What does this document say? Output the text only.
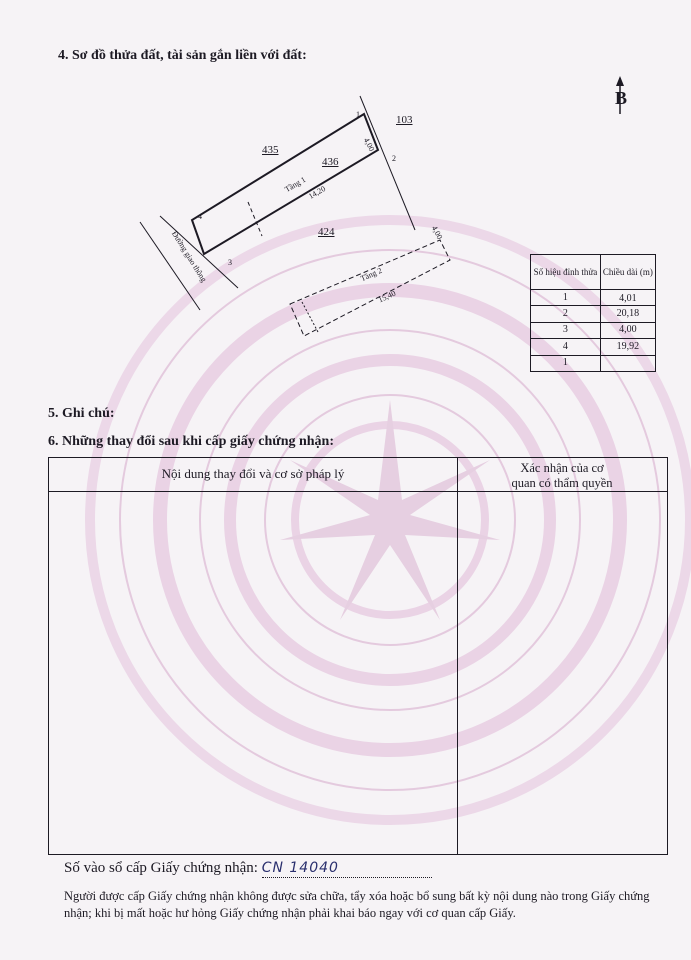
4. Sơ đồ thửa đất, tài sản gắn liền với đất:
B
103
435
436
424
1
2
3
4
Tầng 1
Tầng 2
4,00
14,20
4,00
15,40
Đường giao thông	Số hiệu đỉnh thửa	Chiều dài (m)
1	4,01
2	20,18
3	4,00
4	19,92
1	
5. Ghi chú:
6. Những thay đổi sau khi cấp giấy chứng nhận:
Nội dung thay đổi và cơ sở pháp lý	Xác nhận của cơ
quan có thẩm quyền
Số vào sổ cấp Giấy chứng nhận: CN 14040
Người được cấp Giấy chứng nhận không được sửa chữa, tẩy xóa hoặc bổ sung bất kỳ nội dung nào trong Giấy chứng nhận; khi bị mất hoặc hư hỏng Giấy chứng nhận phải khai báo ngay với cơ quan cấp Giấy.
